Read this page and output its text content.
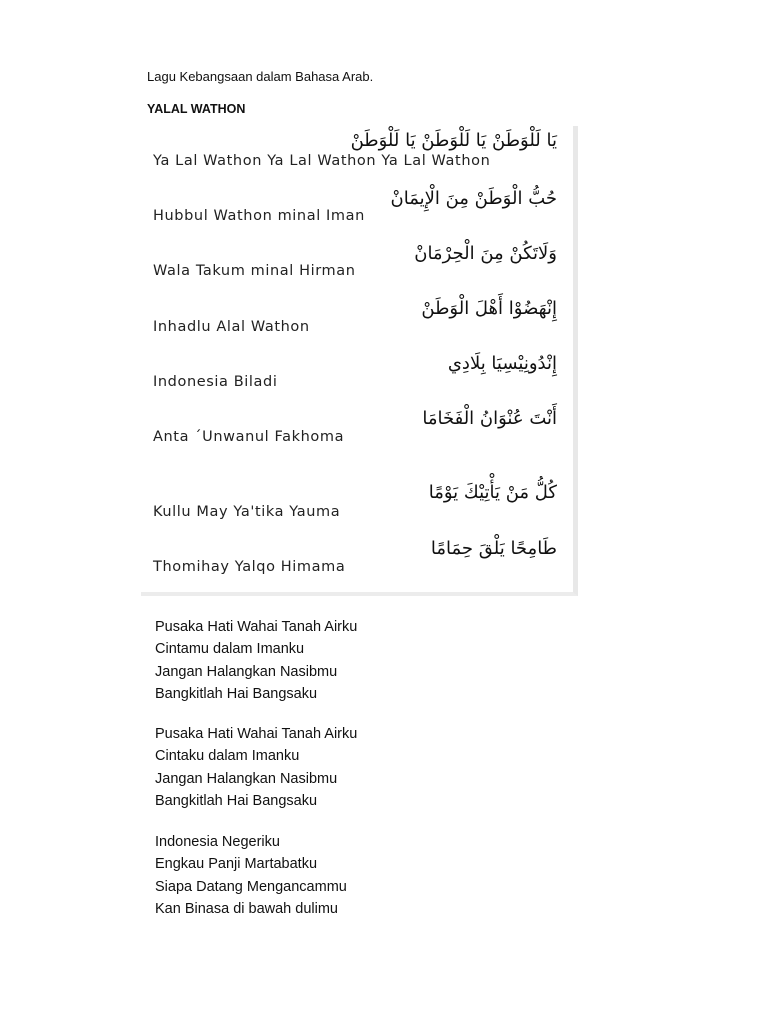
Lagu Kebangsaan dalam Bahasa Arab.
YALAL WATHON
يَا لَلْوَطَنْ يَا لَلْوَطَنْ يَا لَلْوَطَنْ
Ya Lal Wathon Ya Lal Wathon Ya Lal Wathon
حُبُّ الْوَطَنْ مِنَ الْإِيمَانْ
Hubbul Wathon minal Iman
وَلَاتَكُنْ مِنَ الْحِرْمَانْ
Wala Takum minal Hirman
إِنْهَضُوْا أَهْلَ الْوَطَنْ
Inhadlu Alal Wathon
إِنْدُونِيْسِيَا بِلَادِي
Indonesia Biladi
أَنْتَ عُنْوَانُ الْفَخَامَا
Anta ´Unwanul Fakhoma
كُلُّ مَنْ يَأْتِيْكَ يَوْمًا
Kullu May Ya'tika Yauma
طَامِحًا يَلْقَ حِمَامًا
Thomihay Yalqo Himama
Pusaka Hati Wahai Tanah Airku
Cintamu dalam Imanku
Jangan Halangkan Nasibmu
Bangkitlah Hai Bangsaku
Pusaka Hati Wahai Tanah Airku
Cintaku dalam Imanku
Jangan Halangkan Nasibmu
Bangkitlah Hai Bangsaku
Indonesia Negeriku
Engkau Panji Martabatku
Siapa Datang Mengancammu
Kan Binasa di bawah dulimu
